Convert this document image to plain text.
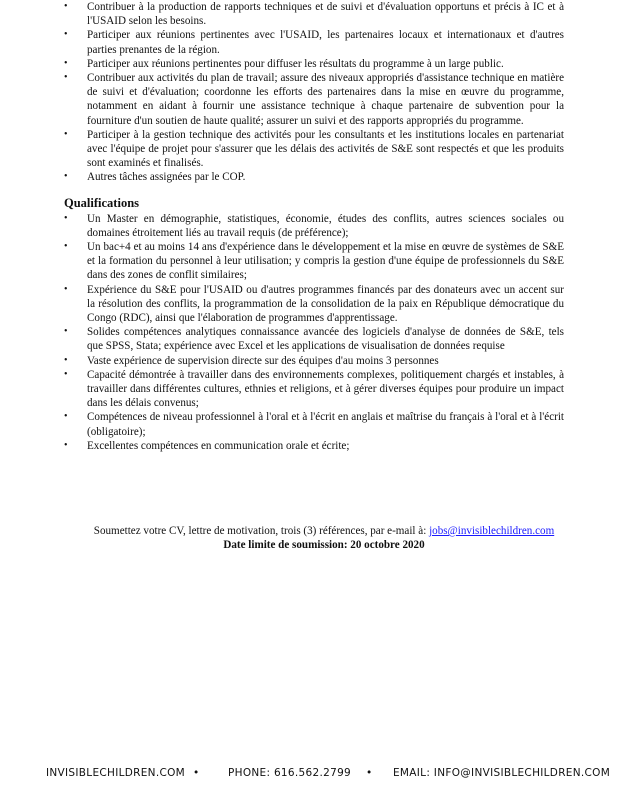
• Contribuer à la production de rapports techniques et de suivi et d'évaluation opportuns et précis à IC et à l'USAID selon les besoins.
• Participer aux réunions pertinentes avec l'USAID, les partenaires locaux et internationaux et d'autres parties prenantes de la région.
• Participer aux réunions pertinentes pour diffuser les résultats du programme à un large public.
• Contribuer aux activités du plan de travail; assure des niveaux appropriés d'assistance technique en matière de suivi et d'évaluation; coordonne les efforts des partenaires dans la mise en œuvre du programme, notamment en aidant à fournir une assistance technique à chaque partenaire de subvention pour la fourniture d'un soutien de haute qualité; assurer un suivi et des rapports appropriés du programme.
• Participer à la gestion technique des activités pour les consultants et les institutions locales en partenariat avec l'équipe de projet pour s'assurer que les délais des activités de S&E sont respectés et que les produits sont examinés et finalisés.
• Autres tâches assignées par le COP.
Qualifications
• Un Master en démographie, statistiques, économie, études des conflits, autres sciences sociales ou domaines étroitement liés au travail requis (de préférence);
• Un bac+4 et au moins 14 ans d'expérience dans le développement et la mise en œuvre de systèmes de S&E et la formation du personnel à leur utilisation; y compris la gestion d'une équipe de professionnels du S&E dans des zones de conflit similaires;
• Expérience du S&E pour l'USAID ou d'autres programmes financés par des donateurs avec un accent sur la résolution des conflits, la programmation de la consolidation de la paix en République démocratique du Congo (RDC), ainsi que l'élaboration de programmes d'apprentissage.
• Solides compétences analytiques connaissance avancée des logiciels d'analyse de données de S&E, tels que SPSS, Stata; expérience avec Excel et les applications de visualisation de données requise
• Vaste expérience de supervision directe sur des équipes d'au moins 3 personnes
• Capacité démontrée à travailler dans des environnements complexes, politiquement chargés et instables, à travailler dans différentes cultures, ethnies et religions, et à gérer diverses équipes pour produire un impact dans les délais convenus;
• Compétences de niveau professionnel à l'oral et à l'écrit en anglais et maîtrise du français à l'oral et à l'écrit (obligatoire);
• Excellentes compétences en communication orale et écrite;
Soumettez votre CV, lettre de motivation, trois (3) références, par e-mail à: jobs@invisiblechildren.com
Date limite de soumission: 20 octobre 2020
INVISIBLECHILDREN.COM •	PHONE: 616.562.2799 • EMAIL: INFO@INVISIBLECHILDREN.COM
